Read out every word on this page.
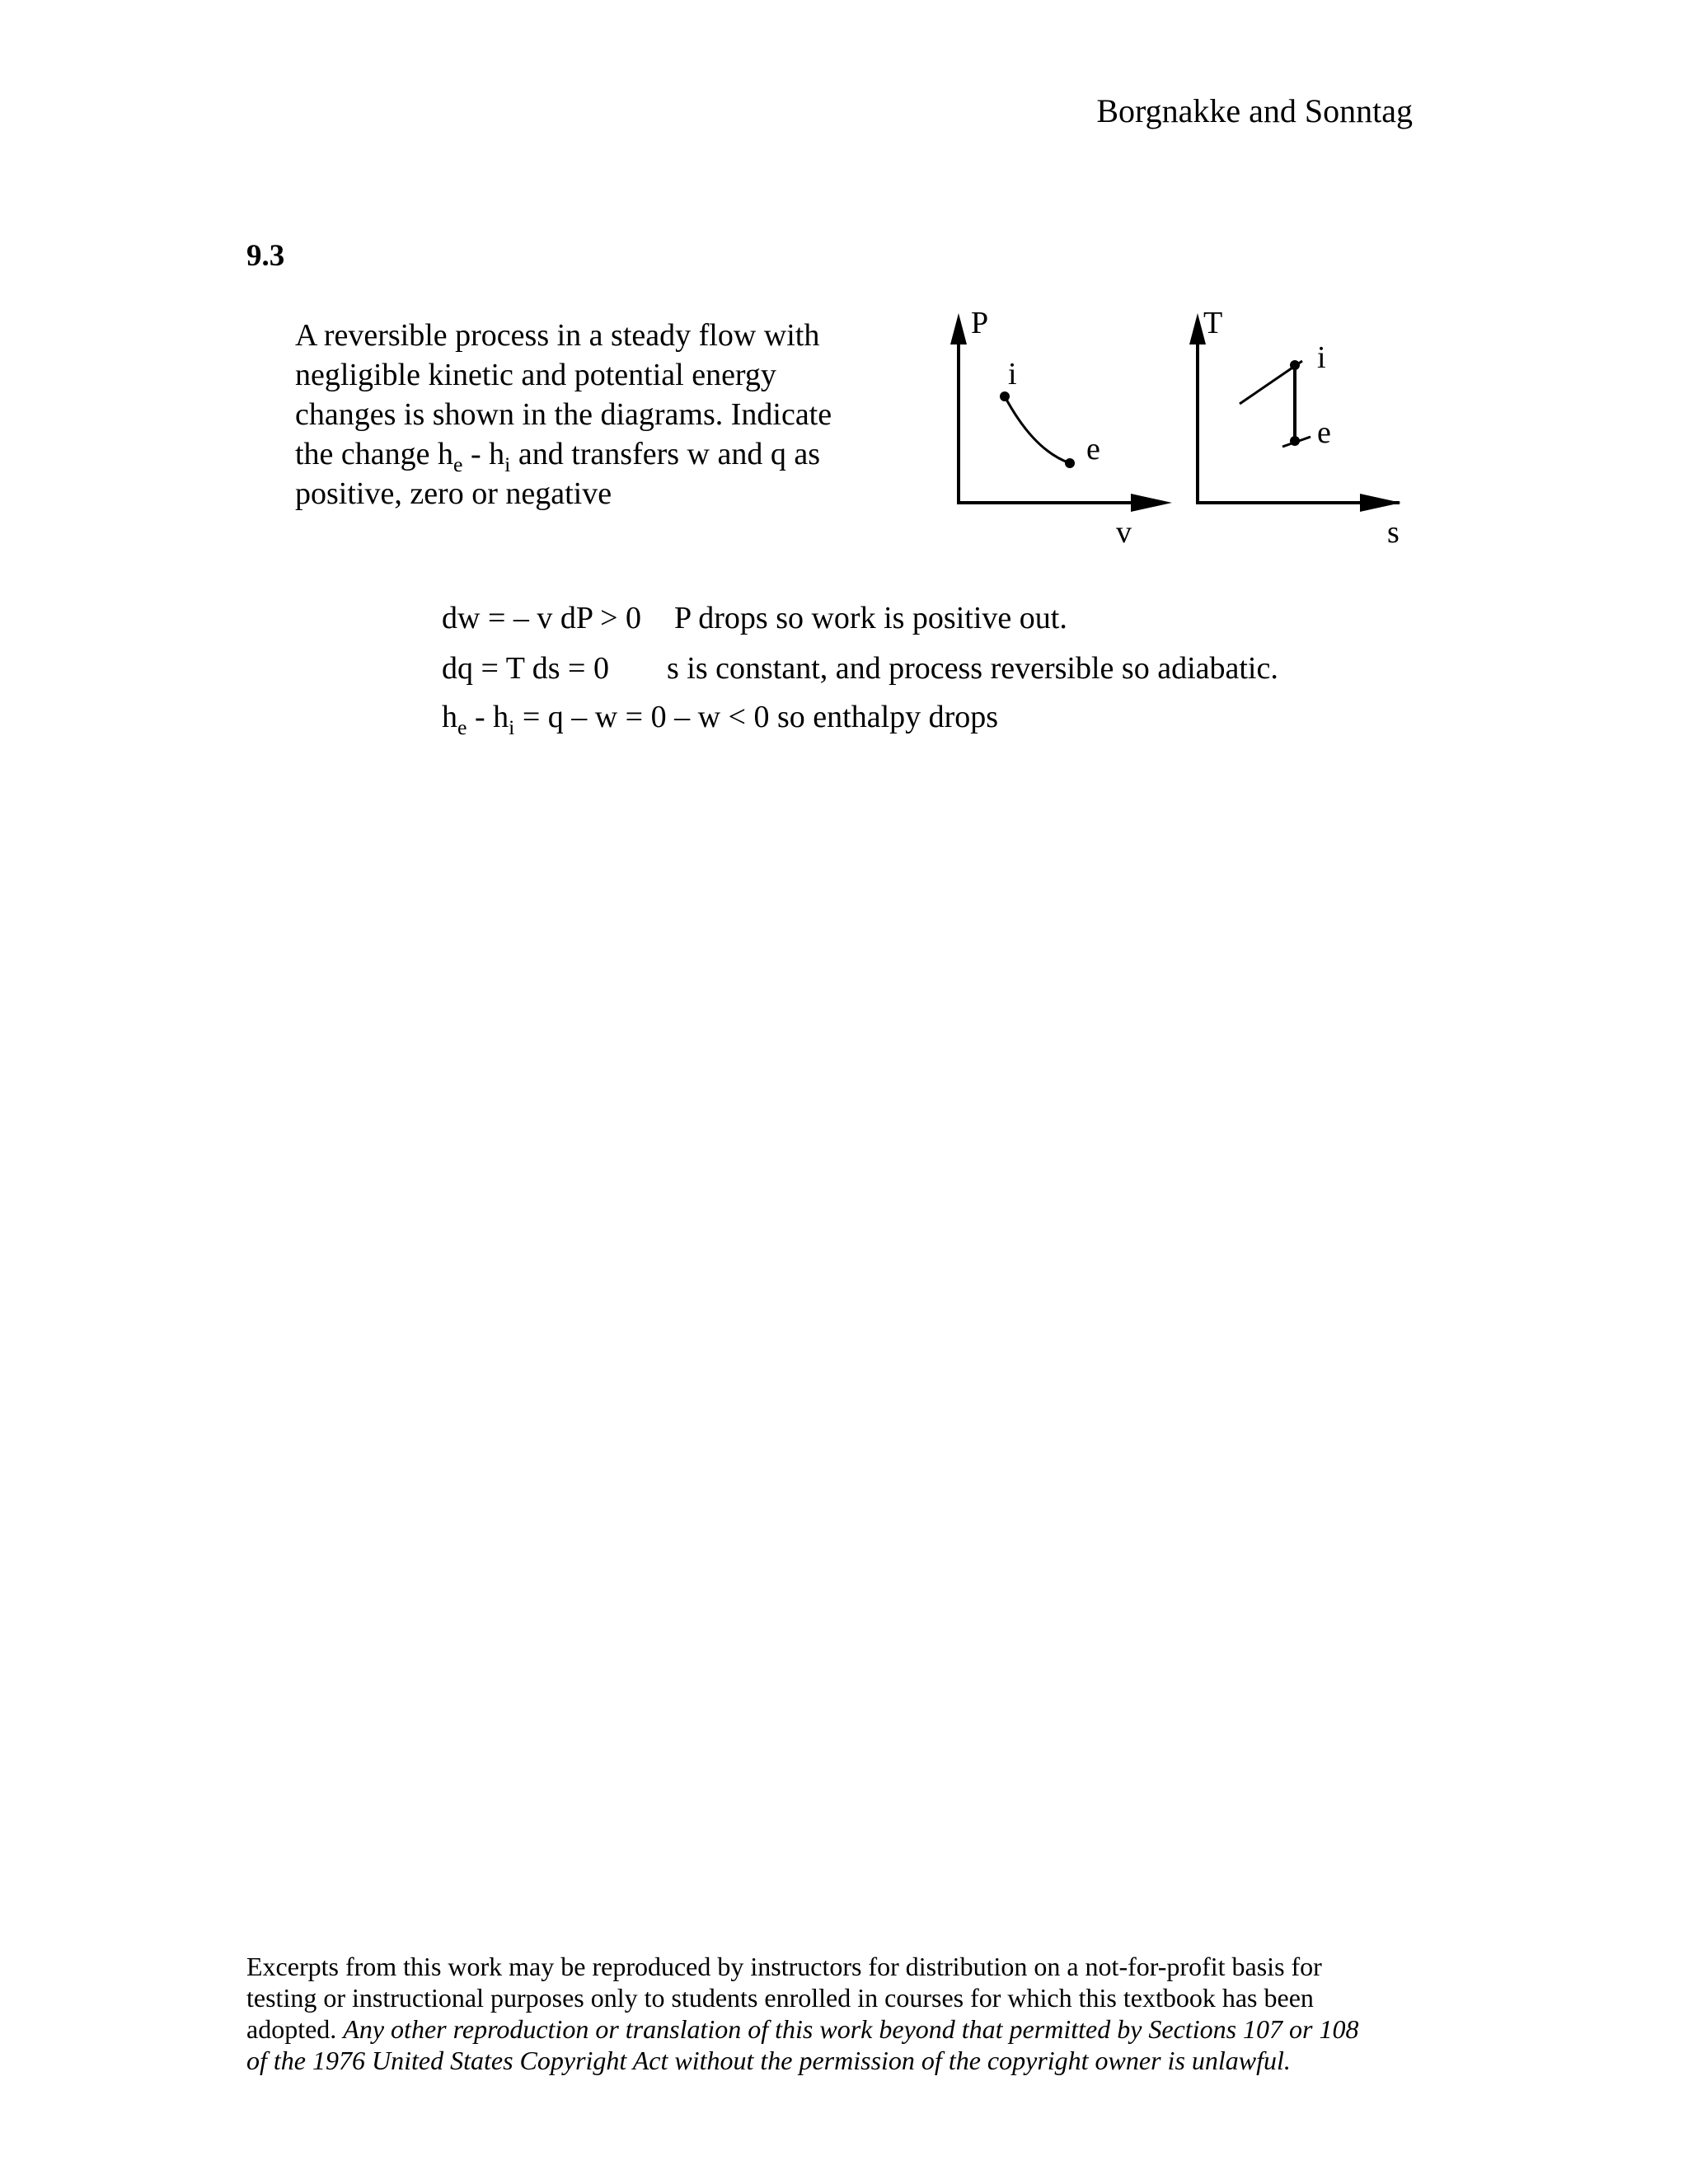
Borgnakke and Sonntag
9.3
A reversible process in a steady flow with
negligible kinetic and potential energy
changes is shown in the diagrams. Indicate
the change $h_e - h_i$ and transfers w and q as
positive, zero or negative
P
i
e
v
T
i
e
s
dw = – v dP > 0 P drops so work is positive out.
dq = T ds = 0 s is constant, and process reversible so adiabatic.
$h_e - h_i = q - w = 0 - w < 0$ so enthalpy drops
Excerpts from this work may be reproduced by instructors for distribution on a not-for-profit basis for
testing or instructional purposes only to students enrolled in courses for which this textbook has been
adopted. Any other reproduction or translation of this work beyond that permitted by Sections 107 or 108
of the 1976 United States Copyright Act without the permission of the copyright owner is unlawful.
